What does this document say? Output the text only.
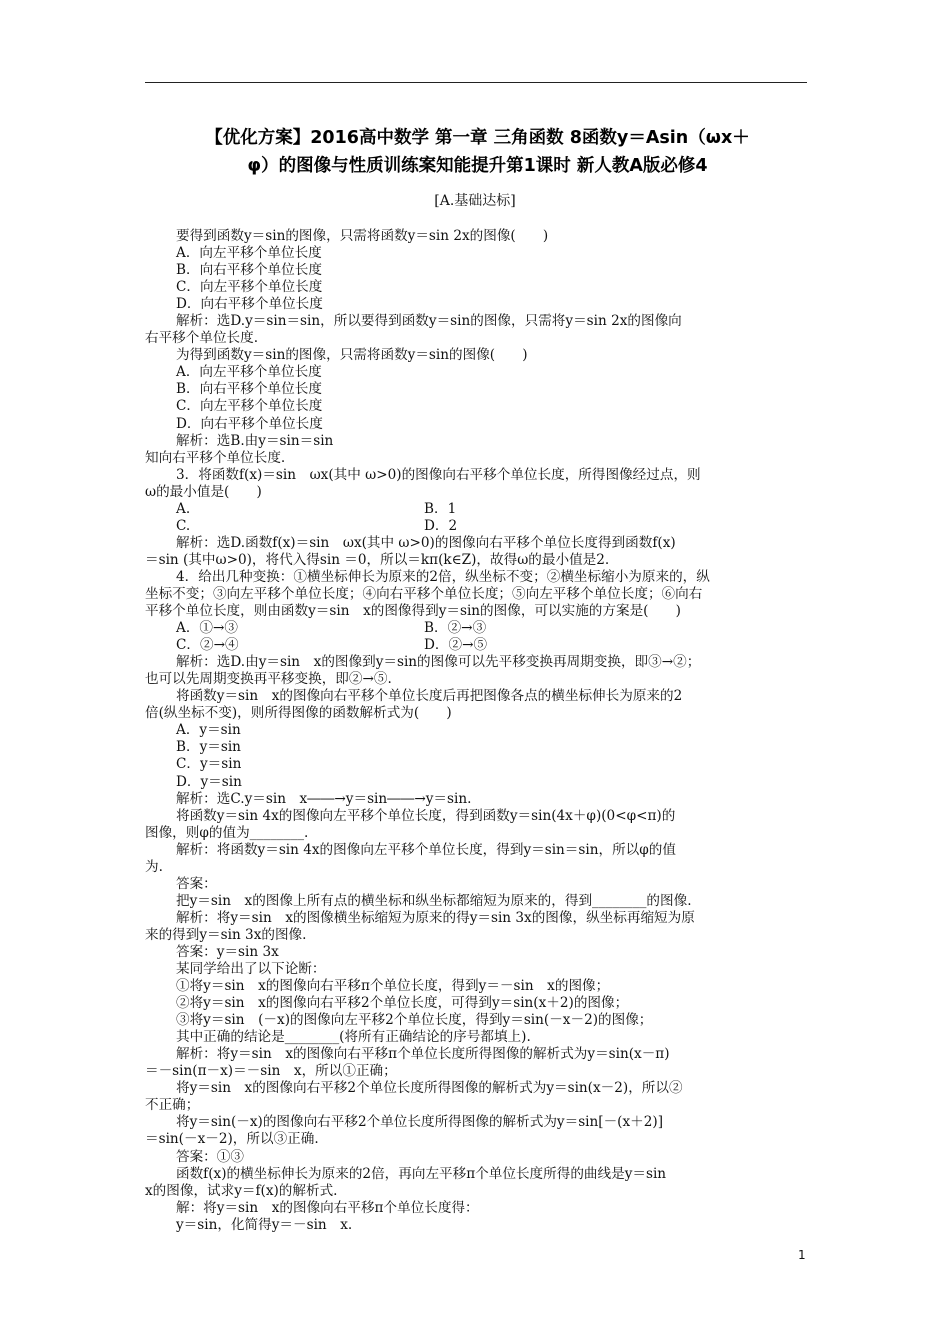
【优化方案】2016高中数学 第一章 三角函数 8函数y＝Asin（ωx＋
φ）的图像与性质训练案知能提升第1课时 新人教A版必修4
[A.基础达标]
要得到函数y＝sin的图像，只需将函数y＝sin 2x的图像(　　)
A．向左平移个单位长度
B．向右平移个单位长度
C．向左平移个单位长度
D．向右平移个单位长度
解析：选D.y＝sin＝sin，所以要得到函数y＝sin的图像，只需将y＝sin 2x的图像向
右平移个单位长度.
为得到函数y＝sin的图像，只需将函数y＝sin的图像(　　)
A．向左平移个单位长度
B．向右平移个单位长度
C．向左平移个单位长度
D．向右平移个单位长度
解析：选B.由y＝sin＝sin
知向右平移个单位长度.
3．将函数f(x)＝sin　ωx(其中 ω>0)的图像向右平移个单位长度，所得图像经过点，则
ω的最小值是(　　)
A.	B．1
C.	D．2
解析：选D.函数f(x)＝sin　ωx(其中 ω>0)的图像向右平移个单位长度得到函数f(x)
＝sin (其中ω>0)，将代入得sin ＝0，所以＝kπ(k∈Z)，故得ω的最小值是2.
4．给出几种变换：①横坐标伸长为原来的2倍，纵坐标不变；②横坐标缩小为原来的，纵
坐标不变；③向左平移个单位长度；④向右平移个单位长度；⑤向左平移个单位长度；⑥向右
平移个单位长度，则由函数y＝sin　x的图像得到y＝sin的图像，可以实施的方案是(　　)
A．①→③	B．②→③
C．②→④	D．②→⑤
解析：选D.由y＝sin　x的图像到y＝sin的图像可以先平移变换再周期变换，即③→②；
也可以先周期变换再平移变换，即②→⑤.
将函数y＝sin　x的图像向右平移个单位长度后再把图像各点的横坐标伸长为原来的2
倍(纵坐标不变)，则所得图像的函数解析式为(　　)
A．y＝sin
B．y＝sin
C．y＝sin
D．y＝sin
解析：选C.y＝sin　x――→y＝sin――→y＝sin.
将函数y＝sin 4x的图像向左平移个单位长度，得到函数y＝sin(4x＋φ)(0<φ<π)的
图像，则φ的值为________.
解析：将函数y＝sin 4x的图像向左平移个单位长度，得到y＝sin＝sin，所以φ的值
为.
答案：
把y＝sin　x的图像上所有点的横坐标和纵坐标都缩短为原来的，得到________的图像.
解析：将y＝sin　x的图像横坐标缩短为原来的得y＝sin 3x的图像，纵坐标再缩短为原
来的得到y＝sin 3x的图像.
答案：y＝sin 3x
某同学给出了以下论断：
①将y＝sin　x的图像向右平移π个单位长度，得到y＝－sin　x的图像；
②将y＝sin　x的图像向右平移2个单位长度，可得到y＝sin(x＋2)的图像；
③将y＝sin　(－x)的图像向左平移2个单位长度，得到y＝sin(－x－2)的图像；
其中正确的结论是________(将所有正确结论的序号都填上).
解析：将y＝sin　x的图像向右平移π个单位长度所得图像的解析式为y＝sin(x－π)
＝－sin(π－x)＝－sin　x，所以①正确；
将y＝sin　x的图像向右平移2个单位长度所得图像的解析式为y＝sin(x－2)，所以②
不正确；
将y＝sin(－x)的图像向右平移2个单位长度所得图像的解析式为y＝sin[－(x＋2)]
＝sin(－x－2)，所以③正确.
答案：①③
函数f(x)的横坐标伸长为原来的2倍，再向左平移π个单位长度所得的曲线是y＝sin
x的图像，试求y＝f(x)的解析式.
解：将y＝sin　x的图像向右平移π个单位长度得：
y＝sin，化简得y＝－sin　x.
1
